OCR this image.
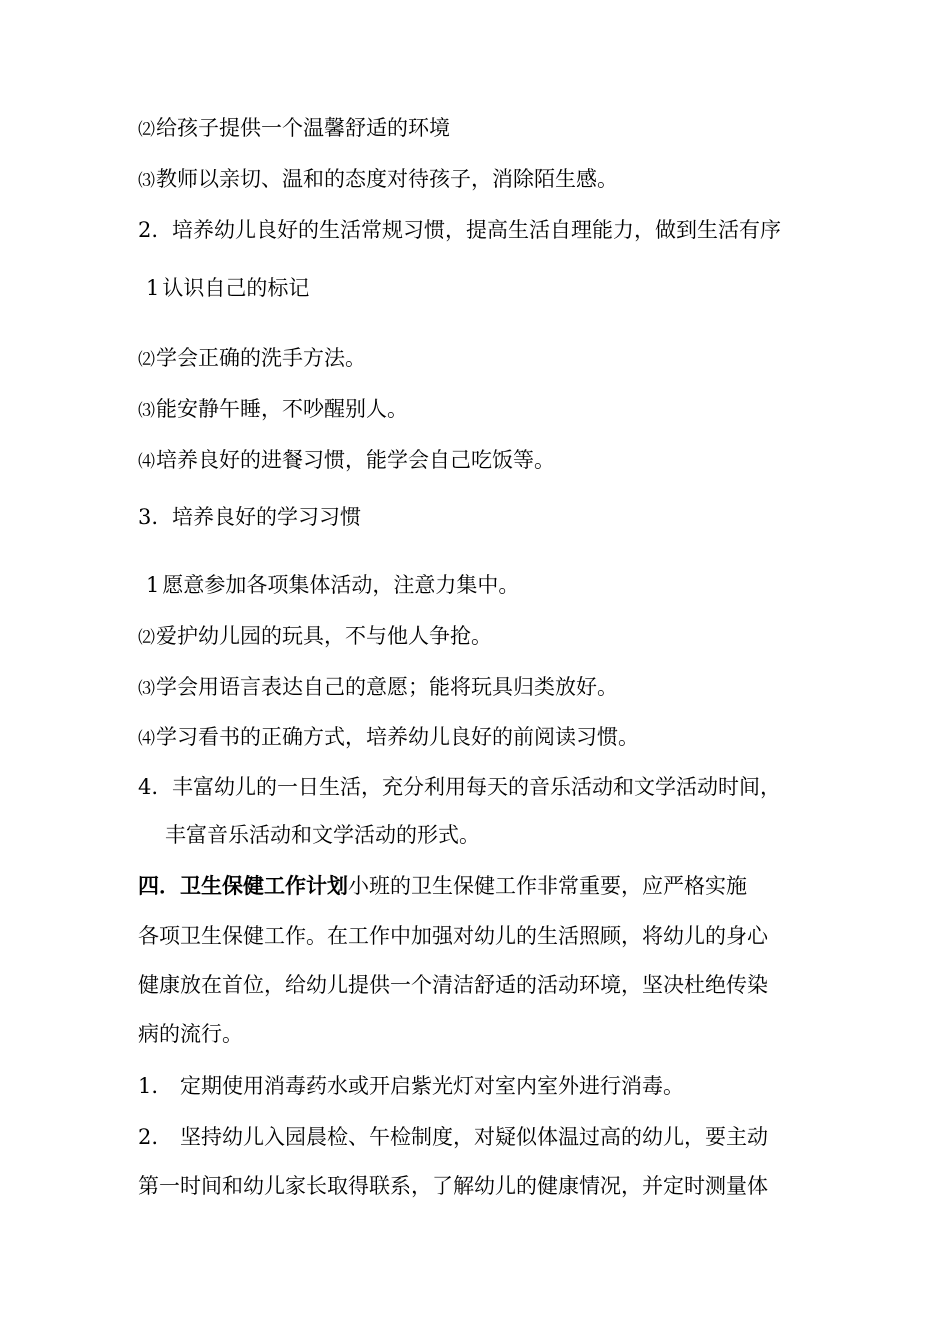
⑵给孩子提供一个温馨舒适的环境
⑶教师以亲切、温和的态度对待孩子，消除陌生感。
2. 培养幼儿良好的生活常规习惯，提高生活自理能力，做到生活有序
1 认识自己的标记
⑵学会正确的洗手方法。
⑶能安静午睡，不吵醒别人。
⑷培养良好的进餐习惯，能学会自己吃饭等。
3. 培养良好的学习习惯
1 愿意参加各项集体活动，注意力集中。
⑵爱护幼儿园的玩具，不与他人争抢。
⑶学会用语言表达自己的意愿；能将玩具归类放好。
⑷学习看书的正确方式，培养幼儿良好的前阅读习惯。
4. 丰富幼儿的一日生活，充分利用每天的音乐活动和文学活动时间，
丰富音乐活动和文学活动的形式。
四．卫生保健工作计划小班的卫生保健工作非常重要，应严格实施
各项卫生保健工作。在工作中加强对幼儿的生活照顾，将幼儿的身心
健康放在首位，给幼儿提供一个清洁舒适的活动环境，坚决杜绝传染
病的流行。
1. 定期使用消毒药水或开启紫光灯对室内室外进行消毒。
2. 坚持幼儿入园晨检、午检制度，对疑似体温过高的幼儿，要主动
第一时间和幼儿家长取得联系，了解幼儿的健康情况，并定时测量体
